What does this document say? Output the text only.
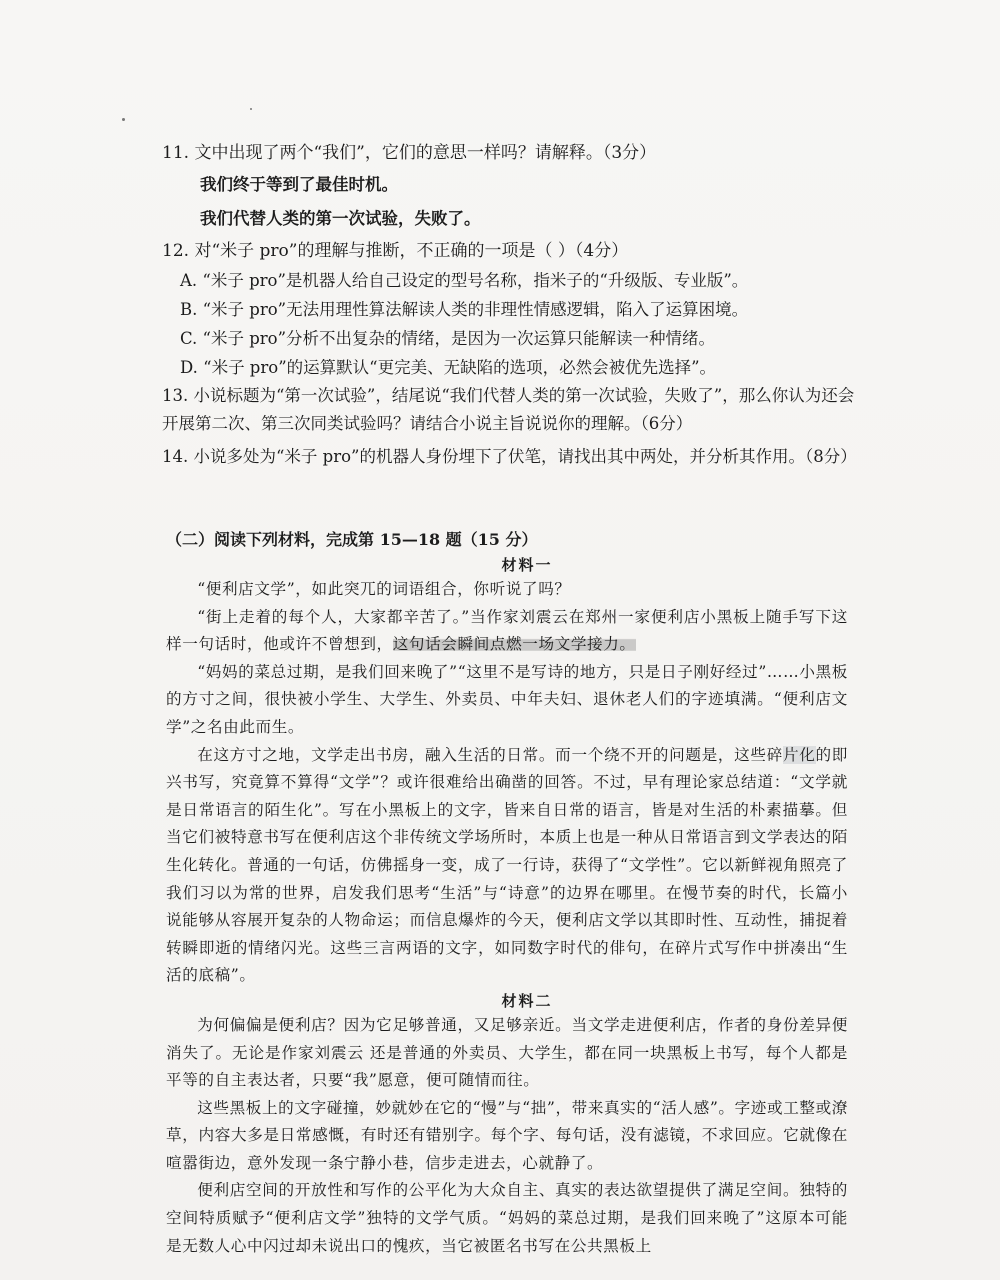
11. 文中出现了两个“我们”，它们的意思一样吗？请解释。（3分）
我们终于等到了最佳时机。
我们代替人类的第一次试验，失败了。
12. 对“米子 pro”的理解与推断，不正确的一项是（ ）（4分）
A. “米子 pro”是机器人给自己设定的型号名称，指米子的“升级版、专业版”。
B. “米子 pro”无法用理性算法解读人类的非理性情感逻辑，陷入了运算困境。
C. “米子 pro”分析不出复杂的情绪，是因为一次运算只能解读一种情绪。
D. “米子 pro”的运算默认“更完美、无缺陷的选项，必然会被优先选择”。
13. 小说标题为“第一次试验”，结尾说“我们代替人类的第一次试验，失败了”，那么你认为还会开展第二次、第三次同类试验吗？请结合小说主旨说说你的理解。（6分）
14. 小说多处为“米子 pro”的机器人身份埋下了伏笔，请找出其中两处，并分析其作用。（8分）
（二）阅读下列材料，完成第 15—18 题（15 分）
材料一
“便利店文学”，如此突兀的词语组合，你听说了吗？
“街上走着的每个人，大家都辛苦了。”当作家刘震云在郑州一家便利店小黑板上随手写下这样一句话时，他或许不曾想到，这句话会瞬间点燃一场文学接力。
“妈妈的菜总过期，是我们回来晚了”“这里不是写诗的地方，只是日子刚好经过”……小黑板的方寸之间，很快被小学生、大学生、外卖员、中年夫妇、退休老人们的字迹填满。“便利店文学”之名由此而生。
在这方寸之地，文学走出书房，融入生活的日常。而一个绕不开的问题是，这些碎片化的即兴书写，究竟算不算得“文学”？或许很难给出确凿的回答。不过，早有理论家总结道：“文学就是日常语言的陌生化”。写在小黑板上的文字，皆来自日常的语言，皆是对生活的朴素描摹。但当它们被特意书写在便利店这个非传统文学场所时，本质上也是一种从日常语言到文学表达的陌生化转化。普通的一句话，仿佛摇身一变，成了一行诗，获得了“文学性”。它以新鲜视角照亮了我们习以为常的世界，启发我们思考“生活”与“诗意”的边界在哪里。在慢节奏的时代，长篇小说能够从容展开复杂的人物命运；而信息爆炸的今天，便利店文学以其即时性、互动性，捕捉着转瞬即逝的情绪闪光。这些三言两语的文字，如同数字时代的俳句，在碎片式写作中拼凑出“生活的底稿”。
材料二
为何偏偏是便利店？因为它足够普通，又足够亲近。当文学走进便利店，作者的身份差异便消失了。无论是作家刘震云 还是普通的外卖员、大学生，都在同一块黑板上书写，每个人都是平等的自主表达者，只要“我”愿意，便可随情而往。
这些黑板上的文字碰撞，妙就妙在它的“慢”与“拙”，带来真实的“活人感”。字迹或工整或潦草，内容大多是日常感慨，有时还有错别字。每个字、每句话，没有滤镜，不求回应。它就像在喧嚣街边，意外发现一条宁静小巷，信步走进去，心就静了。
便利店空间的开放性和写作的公平化为大众自主、真实的表达欲望提供了满足空间。独特的空间特质赋予“便利店文学”独特的文学气质。“妈妈的菜总过期，是我们回来晚了”这原本可能是无数人心中闪过却未说出口的愧疚，当它被匿名书写在公共黑板上
